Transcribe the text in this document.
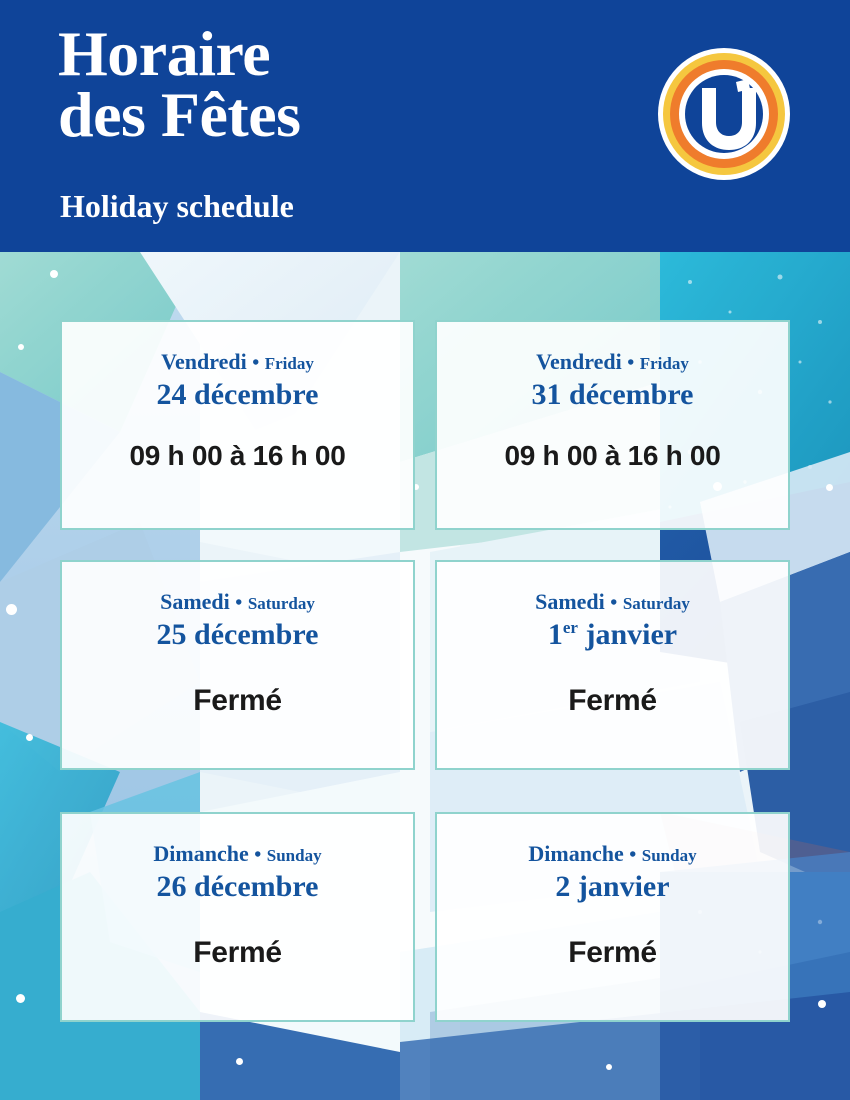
Horaire
des Fêtes
Holiday schedule
Vendredi • Friday
24 décembre
09 h 00 à 16 h 00
Vendredi • Friday
31 décembre
09 h 00 à 16 h 00
Samedi • Saturday
25 décembre
Fermé
Samedi • Saturday
1er janvier
Fermé
Dimanche • Sunday
26 décembre
Fermé
Dimanche • Sunday
2 janvier
Fermé
